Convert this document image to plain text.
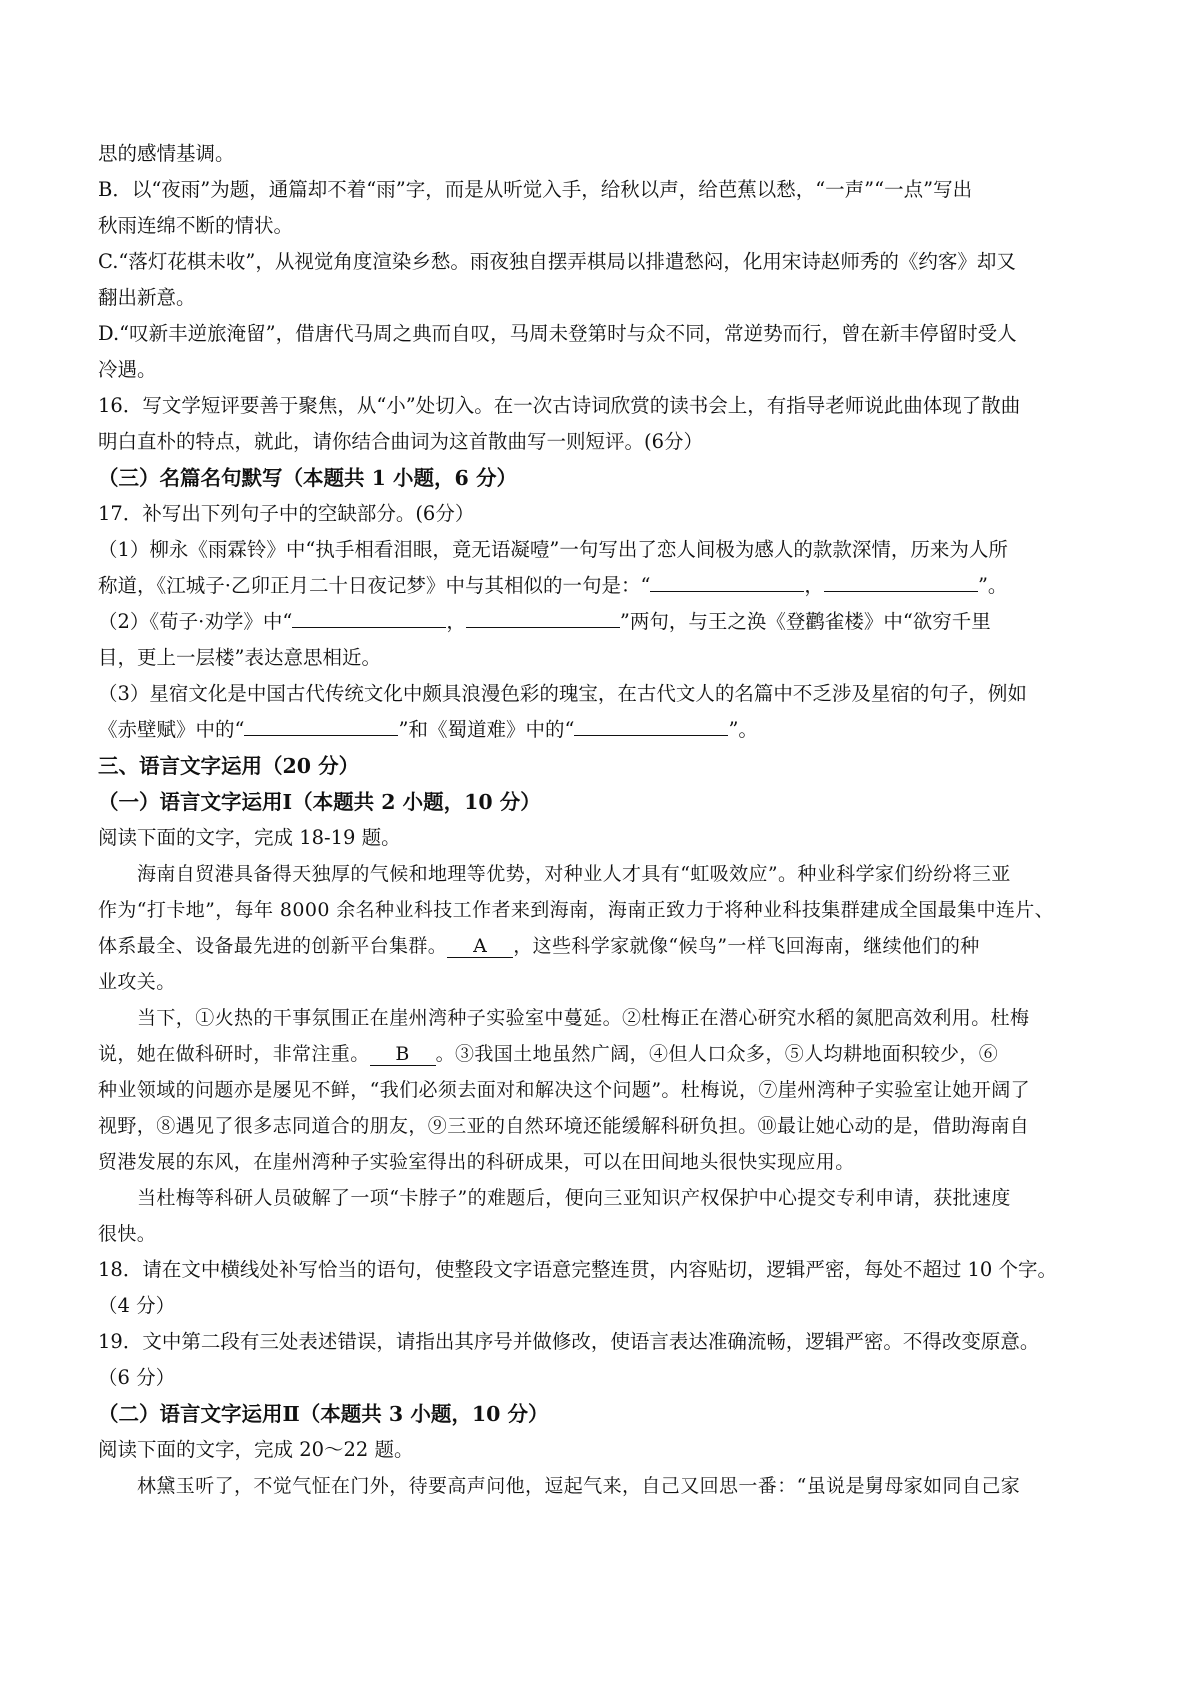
思的感情基调。
B．以“夜雨”为题，通篇却不着“雨”字，而是从听觉入手，给秋以声，给芭蕉以愁，“一声”“一点”写出
秋雨连绵不断的情状。
C.“落灯花棋未收”，从视觉角度渲染乡愁。雨夜独自摆弄棋局以排遣愁闷，化用宋诗赵师秀的《约客》却又
翻出新意。
D.“叹新丰逆旅淹留”，借唐代马周之典而自叹，马周未登第时与众不同，常逆势而行，曾在新丰停留时受人
冷遇。
16．写文学短评要善于聚焦，从“小”处切入。在一次古诗词欣赏的读书会上，有指导老师说此曲体现了散曲
明白直朴的特点，就此，请你结合曲词为这首散曲写一则短评。(6分）
（三）名篇名句默写（本题共 1 小题，6 分）
17．补写出下列句子中的空缺部分。(6分）
（1）柳永《雨霖铃》中“执手相看泪眼，竟无语凝噎”一句写出了恋人间极为感人的款款深情，历来为人所
称道，《江城子·乙卯正月二十日夜记梦》中与其相似的一句是：“	，	”。
（2）《荀子·劝学》中“	，	”两句，与王之涣《登鹳雀楼》中“欲穷千里
目，更上一层楼”表达意思相近。
（3）星宿文化是中国古代传统文化中颇具浪漫色彩的瑰宝，在古代文人的名篇中不乏涉及星宿的句子，例如
《赤壁赋》中的“	”和《蜀道难》中的“	”。
三、语言文字运用（20 分）
（一）语言文字运用Ⅰ（本题共 2 小题，10 分）
阅读下面的文字，完成 18-19 题。
海南自贸港具备得天独厚的气候和地理等优势，对种业人才具有“虹吸效应”。种业科学家们纷纷将三亚
作为“打卡地”，每年 8000 余名种业科技工作者来到海南，海南正致力于将种业科技集群建成全国最集中连片、
体系最全、设备最先进的创新平台集群。 A ，这些科学家就像“候鸟”一样飞回海南，继续他们的种
业攻关。
当下，①火热的干事氛围正在崖州湾种子实验室中蔓延。②杜梅正在潜心研究水稻的氮肥高效利用。杜梅
说，她在做科研时，非常注重。 B 。③我国土地虽然广阔，④但人口众多，⑤人均耕地面积较少，⑥
种业领域的问题亦是屡见不鲜，“我们必须去面对和解决这个问题”。杜梅说，⑦崖州湾种子实验室让她开阔了
视野，⑧遇见了很多志同道合的朋友，⑨三亚的自然环境还能缓解科研负担。⑩最让她心动的是，借助海南自
贸港发展的东风，在崖州湾种子实验室得出的科研成果，可以在田间地头很快实现应用。
当杜梅等科研人员破解了一项“卡脖子”的难题后，便向三亚知识产权保护中心提交专利申请，获批速度
很快。
18．请在文中横线处补写恰当的语句，使整段文字语意完整连贯，内容贴切，逻辑严密，每处不超过 10 个字。
（4 分）
19．文中第二段有三处表述错误，请指出其序号并做修改，使语言表达准确流畅，逻辑严密。不得改变原意。
（6 分）
（二）语言文字运用Ⅱ（本题共 3 小题，10 分）
阅读下面的文字，完成 20～22 题。
林黛玉听了，不觉气怔在门外，待要高声问他，逗起气来，自己又回思一番：“虽说是舅母家如同自己家
